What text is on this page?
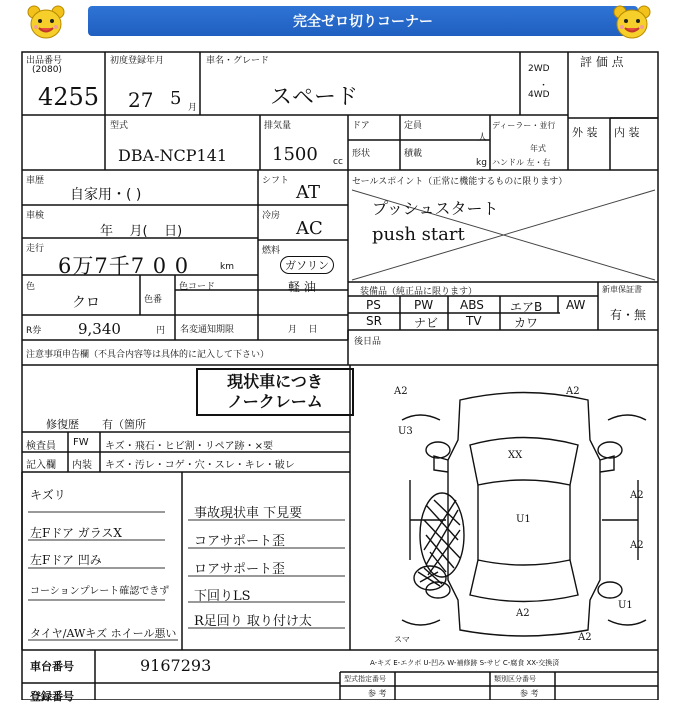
完全ゼロ切りコーナー
出品番号
(2080)
4255
初度登録年月
27 5 月
車名・グレード
スペード
2WD
・
4WD
評 価 点
型式
DBA-NCP141
排気量
1500 cc
ドア	定員
人
形状	積載
kg
ディーラー・並行
年式
ハンドル 左・右
外 装 内 装
車歴
自家用・( )
車検
年    月(    日)
走行
6万7千7 0 0	km
色
クロ	色番
色コード
R券 9,340	円 名変通知期限	月    日
シフト
AT
冷房
AC
燃料
ガソリン
軽 油
セールスポイント（正常に機能するものに限ります）
プッシュスタート
push start
装備品（純正品に限ります）
PS	PW ABS エアB AW
SR	ナビ TV	カワ
新車保証書
有・無
注意事項申告欄（不具合内容等は具体的に記入して下さい）
後日品
現状車につき
ノークレーム
修復歴 有（箇所
検査員
記入欄
FW キズ・飛石・ヒビ割・リペア跡・×要
内装 キズ・汚レ・コゲ・穴・スレ・キレ・破レ
キズリ
左Fドア ガラスX
左Fドア 凹み
コーションプレート確認できず
タイヤ/AWキズ ホイール悪い
事故現状車 下見要
コアサポート歪
ロアサポート歪
下回りLS
R足回り 取り付け太
U3
A2	A2
XX
U1
A2
A2
U1
A2
A2
スマ
車台番号	9167293
登録番号
A-キズ E-エクボ U-凹み W-補修跡 S-サビ C-腐食 XX-交換済
型式指定番号	類別区分番号
参 考	参 考
